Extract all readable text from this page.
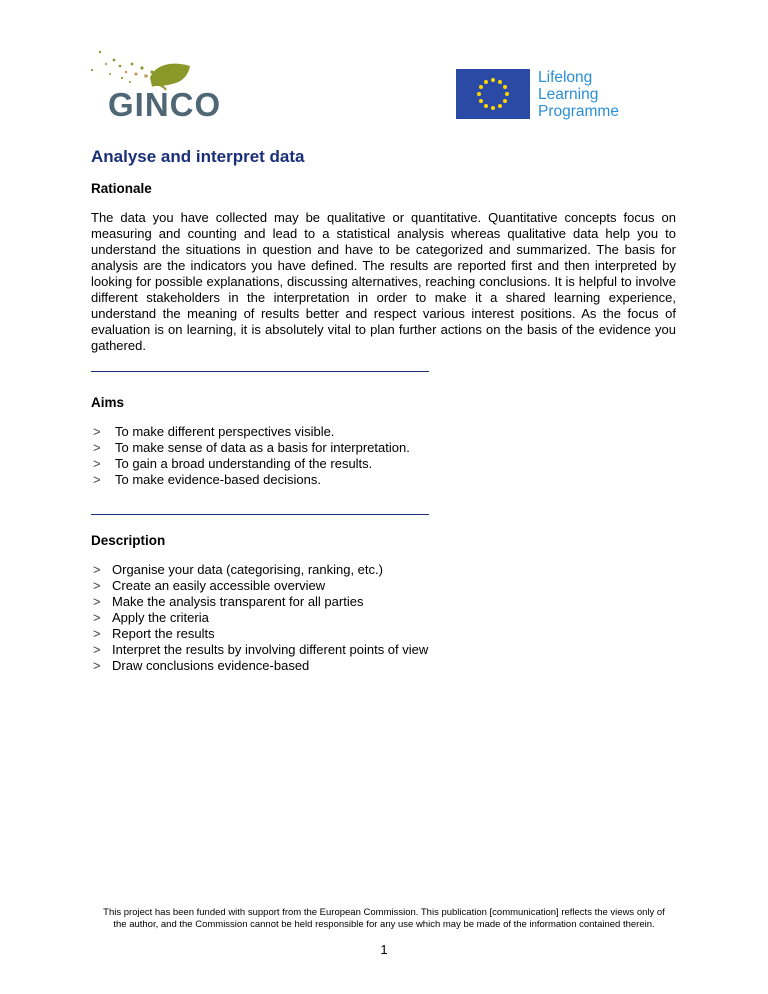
GINCO
Lifelong
Learning
Programme
Analyse and interpret data
Rationale
The data you have collected may be qualitative or quantitative. Quantitative concepts focus on measuring and counting and lead to a statistical analysis whereas qualitative data help you to understand the situations in question and have to be categorized and summarized. The basis for analysis are the indicators you have defined. The results are reported first and then interpreted by looking for possible explanations, discussing alternatives, reaching conclusions. It is helpful to involve different stakeholders in the interpretation in order to make it a shared learning experience, understand the meaning of results better and respect various interest positions. As the focus of evaluation is on learning, it is absolutely vital to plan further actions on the basis of the evidence you gathered.
Aims
> To make different perspectives visible.
> To make sense of data as a basis for interpretation.
> To gain a broad understanding of the results.
> To make evidence-based decisions.
Description
> Organise your data (categorising, ranking, etc.)
> Create an easily accessible overview
> Make the analysis transparent for all parties
> Apply the criteria
> Report the results
> Interpret the results by involving different points of view
> Draw conclusions evidence-based
This project has been funded with support from the European Commission. This publication [communication] reflects the views only of
the author, and the Commission cannot be held responsible for any use which may be made of the information contained therein.
1
